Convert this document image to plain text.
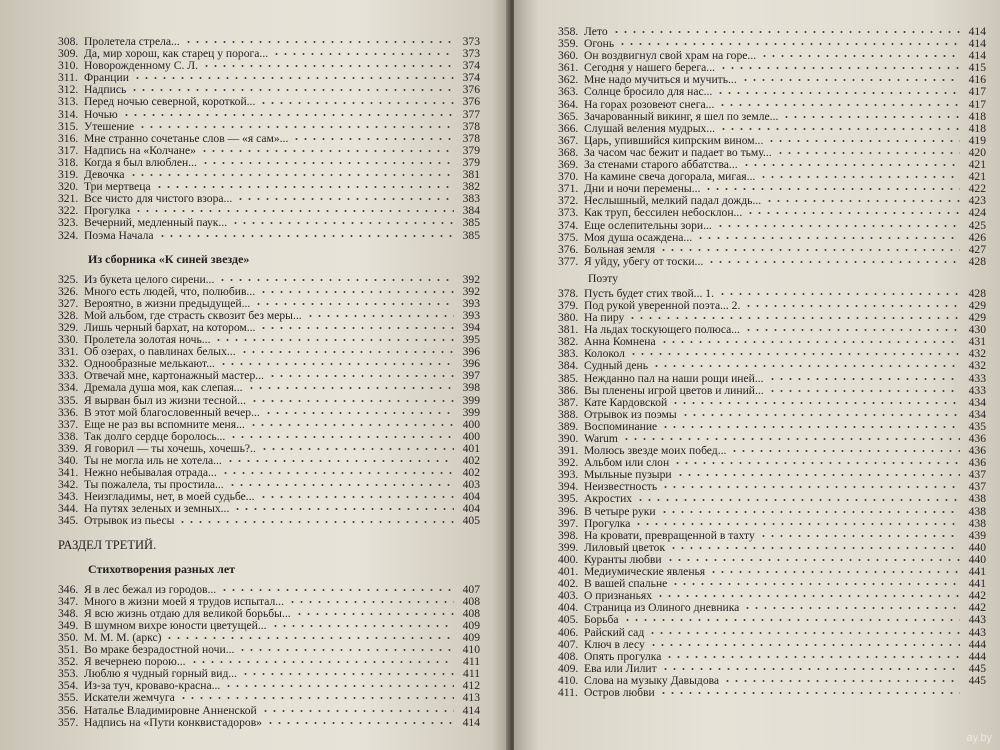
308. Пролетела стрела...	373
309. Да, мир хорош, как старец у порога...	373
310. Новорожденному С. Л.	374
311. Франции	374
312. Надпись	376
313. Перед ночью северной, короткой...	376
314. Ночью	377
315. Утешение	378
316. Мне странно сочетанье слов — «я сам»...	378
317. Надпись на «Колчане»	379
318. Когда я был влюблен...	379
319. Девочка	381
320. Три мертвеца	382
321. Все чисто для чистого взора...	383
322. Прогулка	384
323. Вечерний, медленный паук...	385
324. Поэма Начала	385
Из сборника «К синей звезде»
325. Из букета целого сирени...	392
326. Много есть людей, что, полюбив...	392
327. Вероятно, в жизни предыдущей...	393
328. Мой альбом, где страсть сквозит без меры...	393
329. Лишь черный бархат, на котором...	394
330. Пролетела золотая ночь...	395
331. Об озерах, о павлинах белых...	396
332. Однообразные мелькают...	396
333. Отвечай мне, картонажный мастер...	397
334. Дремала душа моя, как слепая...	398
335. Я вырван был из жизни тесной...	399
336. В этот мой благословенный вечер...	399
337. Еще не раз вы вспомните меня...	400
338. Так долго сердце боролось...	400
339. Я говорил — ты хочешь, хочешь?..	401
340. Ты не могла иль не хотела...	402
341. Нежно небывалая отрада...	402
342. Ты пожалела, ты простила...	403
343. Неизгладимы, нет, в моей судьбе...	404
344. На путях зеленых и земных...	404
345. Отрывок из пьесы	405
РАЗДЕЛ ТРЕТИЙ.
Стихотворения разных лет
346. Я в лес бежал из городов...	407
347. Много в жизни моей я трудов испытал...	408
348. Я всю жизнь отдаю для великой борьбы...	408
349. В шумном вихре юности цветущей...	409
350. М. М. М. (аркс)	409
351. Во мраке безрадостной ночи...	410
352. Я вечернею порою...	411
353. Люблю я чудный горный вид...	411
354. Из-за туч, кроваво-красна...	412
355. Искатели жемчуга	413
356. Наталье Владимировне Анненской	414
357. Надпись на «Пути конквистадоров»	414
358. Лето	414
359. Огонь	414
360. Он воздвигнул свой храм на горе...	414
361. Сегодня у нашего берега...	415
362. Мне надо мучиться и мучить...	416
363. Солнце бросило для нас...	417
364. На горах розовеют снега...	417
365. Зачарованный викинг, я шел по земле...	418
366. Слушай веления мудрых...	418
367. Царь, упившийся кипрским вином...	419
368. За часом час бежит и падает во тьму...	420
369. За стенами старого аббатства...	421
370. На камине свеча догорала, мигая...	421
371. Дни и ночи перемены...	422
372. Неслышный, мелкий падал дождь...	423
373. Как труп, бессилен небосклон...	424
374. Еще ослепительны зори...	425
375. Моя душа осаждена...	426
376. Больная земля	427
377. Я уйду, убегу от тоски...	428
Поэту
378. Пусть будет стих твой... 1.	428
379. Под рукой уверенной поэта... 2.	429
380. На пиру	429
381. На льдах тоскующего полюса...	430
382. Анна Комнена	431
383. Колокол	432
384. Судный день	432
385. Нежданно пал на наши рощи иней...	433
386. Вы пленены игрой цветов и линий...	433
387. Кате Кардовской	434
388. Отрывок из поэмы	434
389. Воспоминание	435
390. Warum	436
391. Молюсь звезде моих побед...	436
392. Альбом или слон	436
393. Мыльные пузыри	437
394. Неизвестность	437
395. Акростих	438
396. В четыре руки	438
397. Прогулка	438
398. На кровати, превращенной в тахту	439
399. Лиловый цветок	440
400. Куранты любви	440
401. Медиумические явленья	441
402. В вашей спальне	441
403. О признаньях	442
404. Страница из Олиного дневника	442
405. Борьба	443
406. Райский сад	443
407. Ключ в лесу	444
408. Опять прогулка	444
409. Ева или Лилит	445
410. Слова на музыку Давыдова	445
411. Остров любви
ay.by
